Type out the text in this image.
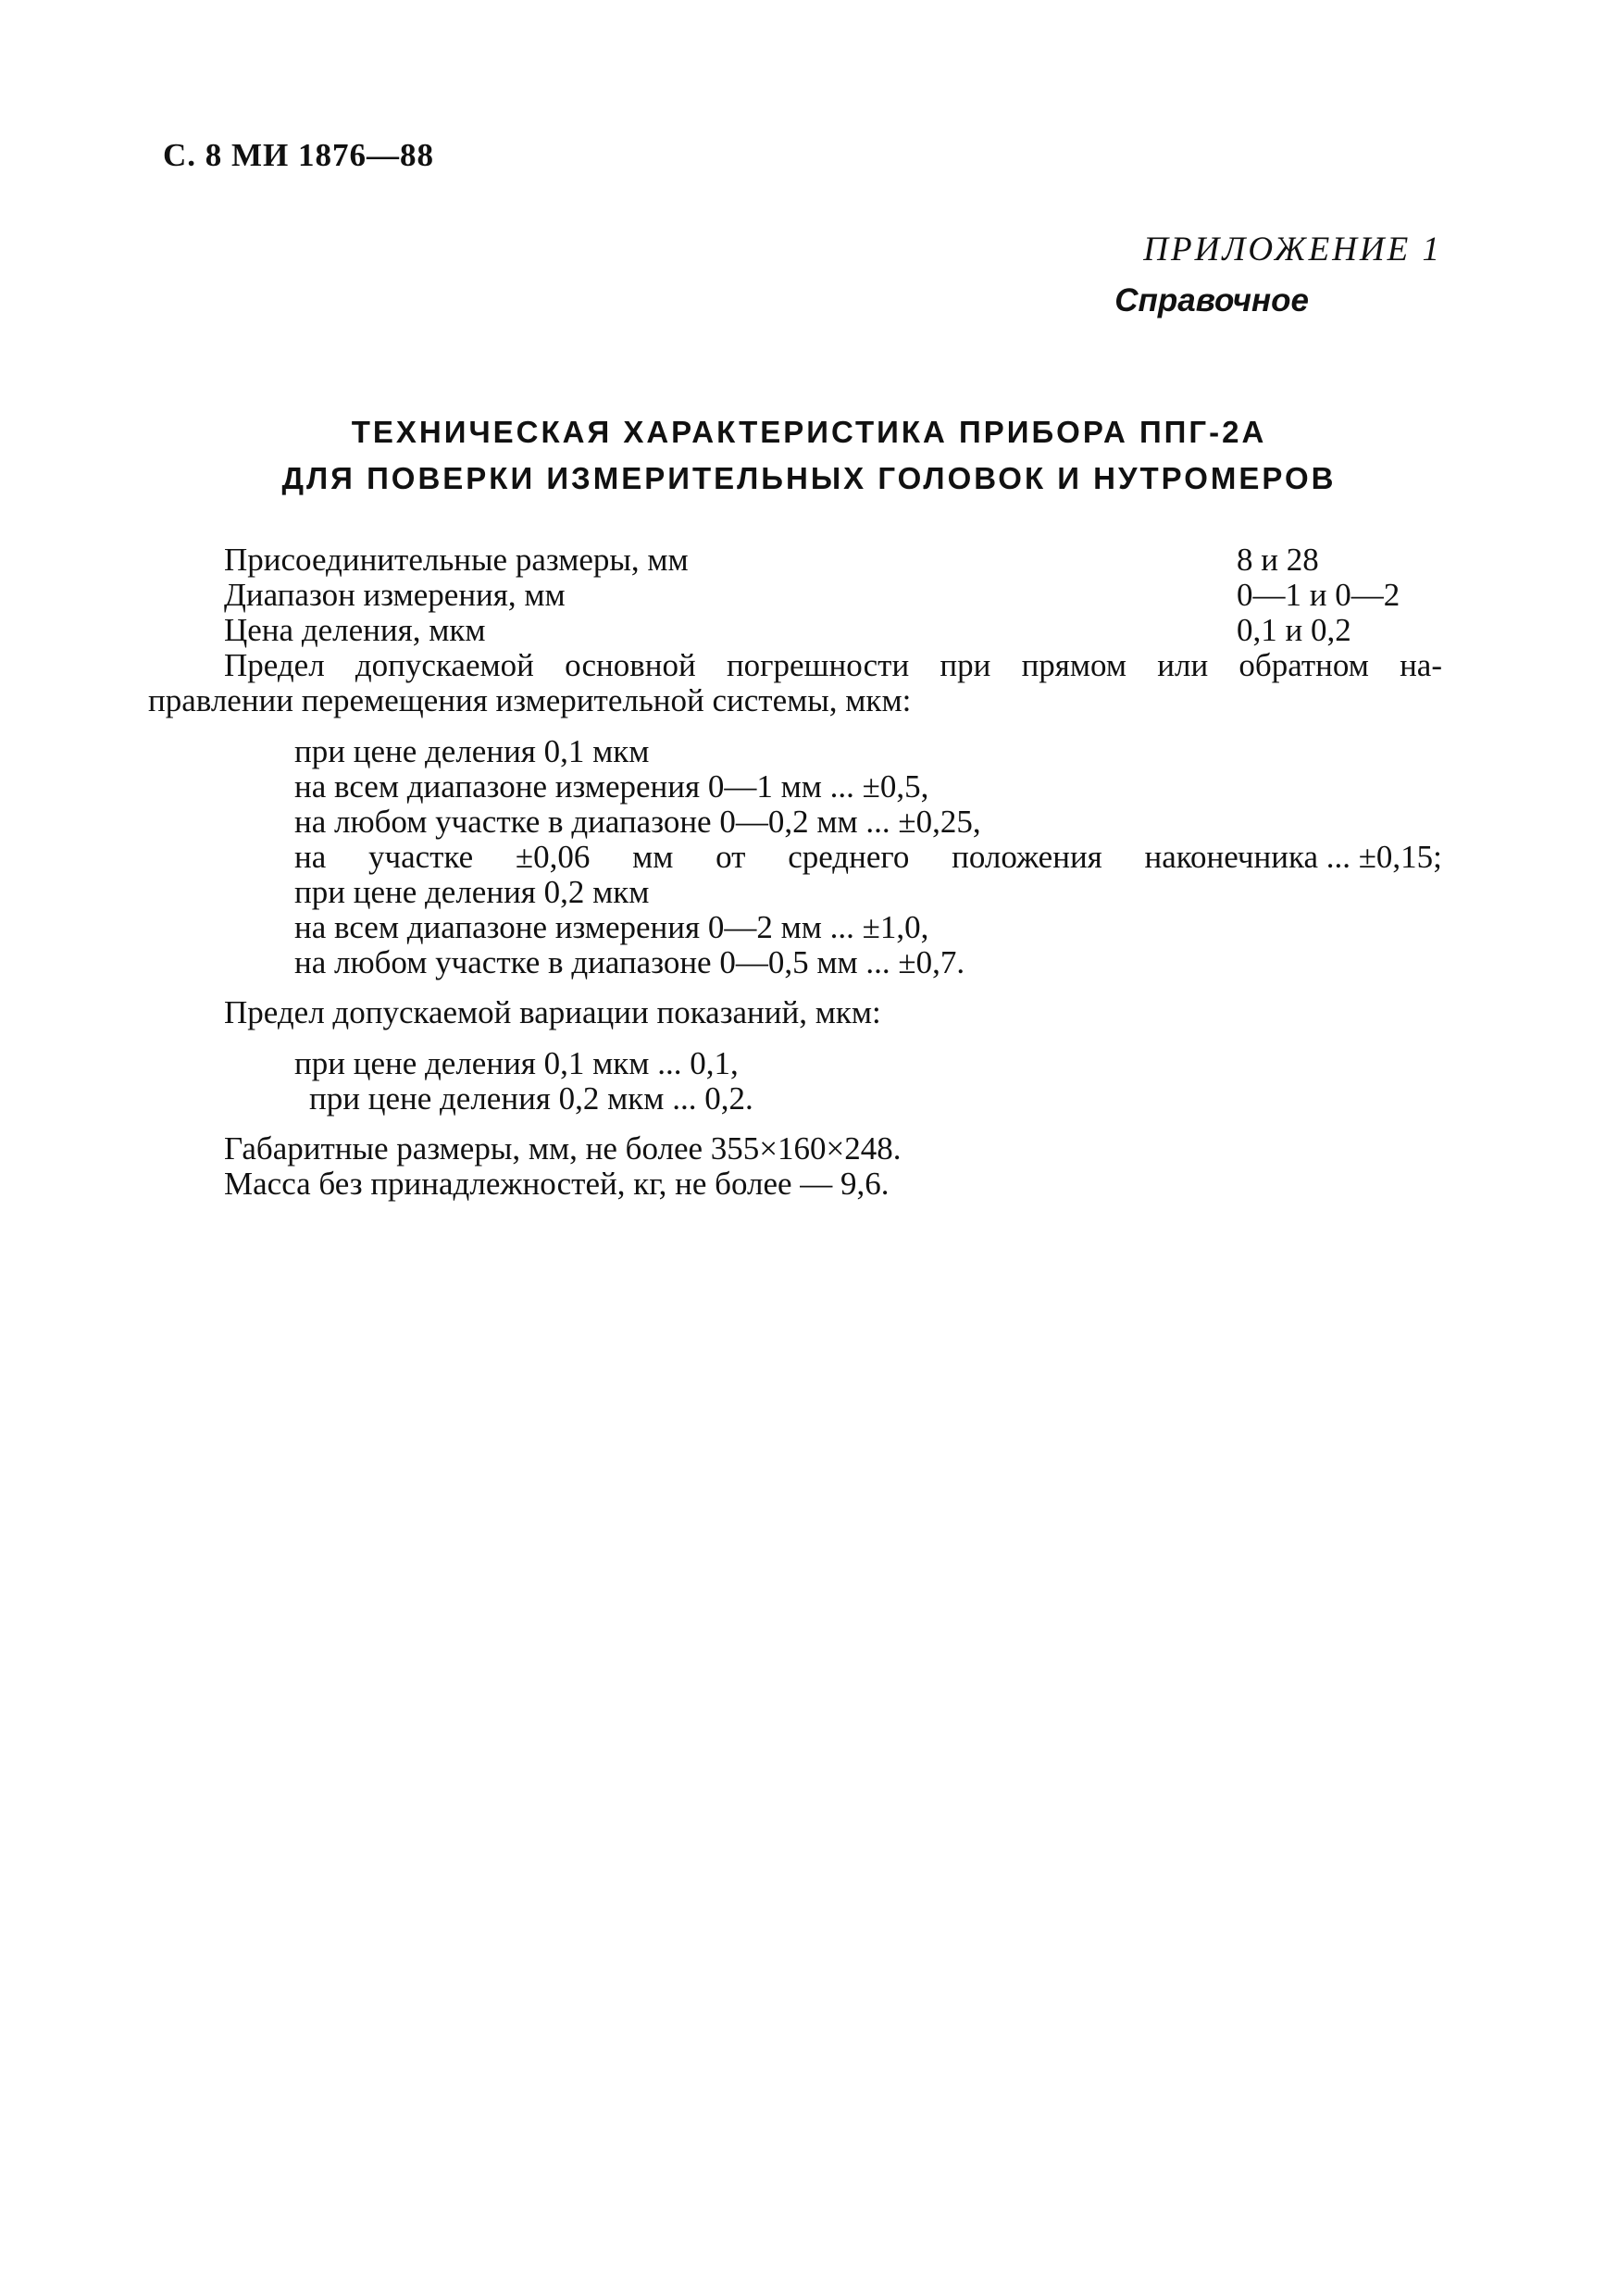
С. 8 МИ 1876—88
ПРИЛОЖЕНИЕ 1
Справочное
ТЕХНИЧЕСКАЯ ХАРАКТЕРИСТИКА ПРИБОРА ППГ-2А
ДЛЯ ПОВЕРКИ ИЗМЕРИТЕЛЬНЫХ ГОЛОВОК И НУТРОМЕРОВ
Присоединительные размеры, мм	8 и 28
Диапазон измерения, мм	0—1 и 0—2
Цена деления, мкм	0,1 и 0,2
Предел допускаемой основной погрешности при прямом или обратном на-
правлении перемещения измерительной системы, мкм:
при цене деления 0,1 мкм
на всем диапазоне измерения 0—1 мм ... ±0,5,
на любом участке в диапазоне 0—0,2 мм ... ±0,25,
на участке ±0,06 мм от среднего положения наконечника ... ±0,15;
при цене деления 0,2 мкм
на всем диапазоне измерения 0—2 мм ... ±1,0,
на любом участке в диапазоне 0—0,5 мм ... ±0,7.
Предел допускаемой вариации показаний, мкм:
при цене деления 0,1 мкм ... 0,1,
при цене деления 0,2 мкм ... 0,2.
Габаритные размеры, мм, не более 355×160×248.
Масса без принадлежностей, кг, не более — 9,6.
